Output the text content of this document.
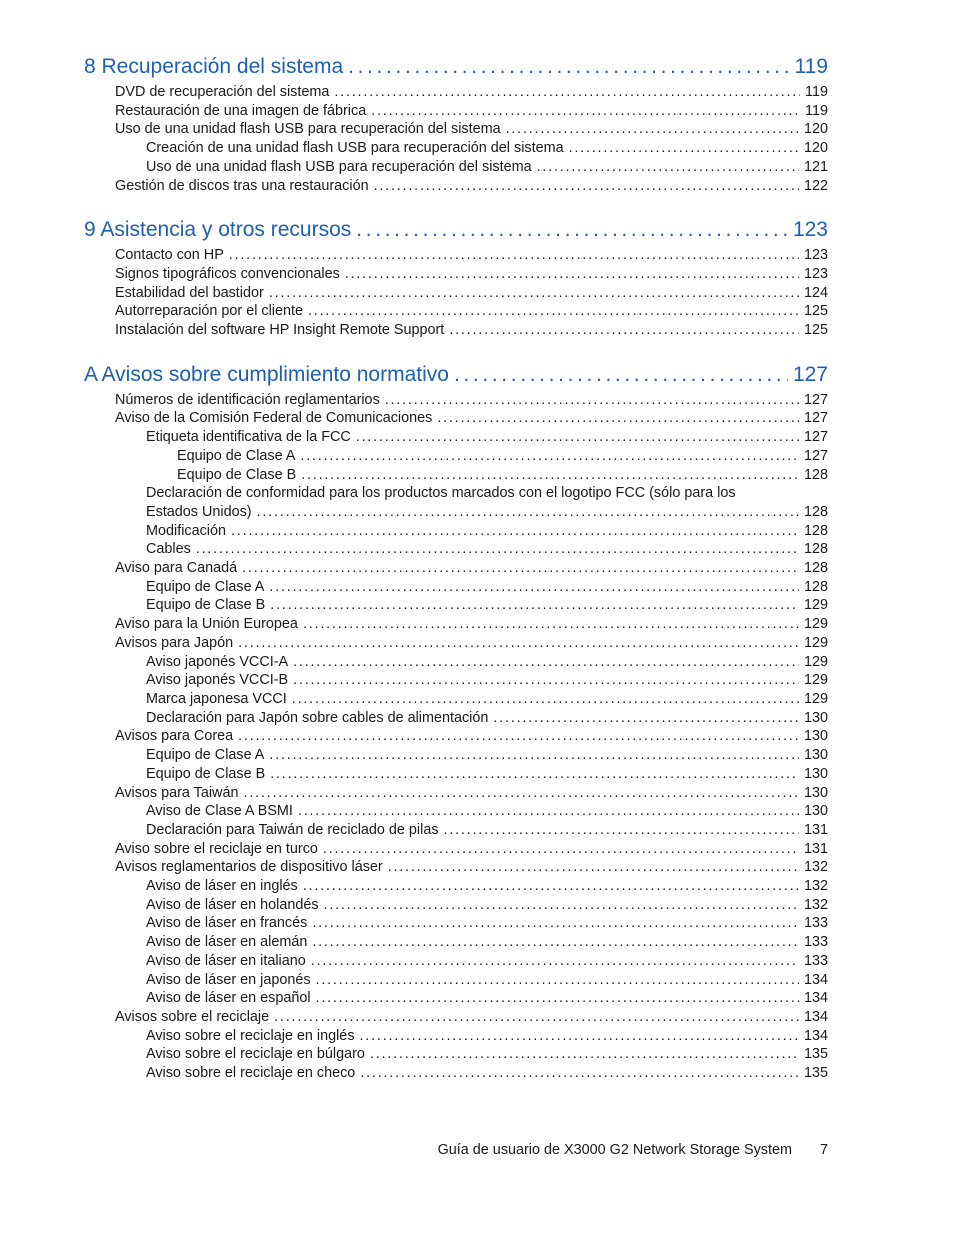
8 Recuperación del sistema . . .	119
DVD de recuperación del sistema . . .	119
Restauración de una imagen de fábrica . . .	119
Uso de una unidad flash USB para recuperación del sistema . . .	120
Creación de una unidad flash USB para recuperación del sistema . . .	120
Uso de una unidad flash USB para recuperación del sistema . . .	121
Gestión de discos tras una restauración . . .	122
9 Asistencia y otros recursos . . .	123
Contacto con HP . . .	123
Signos tipográficos convencionales . . .	123
Estabilidad del bastidor . . .	124
Autorreparación por el cliente . . .	125
Instalación del software HP Insight Remote Support . . .	125
A Avisos sobre cumplimiento normativo . . .	127
Números de identificación reglamentarios . . .	127
Aviso de la Comisión Federal de Comunicaciones . . .	127
Etiqueta identificativa de la FCC . . .	127
Equipo de Clase A . . .	127
Equipo de Clase B . . .	128
Declaración de conformidad para los productos marcados con el logotipo FCC (sólo para los
Estados Unidos) . . .	128
Modificación . . .	128
Cables . . .	128
Aviso para Canadá . . .	128
Equipo de Clase A . . .	128
Equipo de Clase B . . .	129
Aviso para la Unión Europea . . .	129
Avisos para Japón . . .	129
Aviso japonés VCCI-A . . .	129
Aviso japonés VCCI-B . . .	129
Marca japonesa VCCI . . .	129
Declaración para Japón sobre cables de alimentación . . .	130
Avisos para Corea . . .	130
Equipo de Clase A . . .	130
Equipo de Clase B . . .	130
Avisos para Taiwán . . .	130
Aviso de Clase A BSMI . . .	130
Declaración para Taiwán de reciclado de pilas . . .	131
Aviso sobre el reciclaje en turco . . .	131
Avisos reglamentarios de dispositivo láser . . .	132
Aviso de láser en inglés . . .	132
Aviso de láser en holandés . . .	132
Aviso de láser en francés . . .	133
Aviso de láser en alemán . . .	133
Aviso de láser en italiano . . .	133
Aviso de láser en japonés . . .	134
Aviso de láser en español . . .	134
Avisos sobre el reciclaje . . .	134
Aviso sobre el reciclaje en inglés . . .	134
Aviso sobre el reciclaje en búlgaro . . .	135
Aviso sobre el reciclaje en checo . . .	135
Guía de usuario de X3000 G2 Network Storage System 7
